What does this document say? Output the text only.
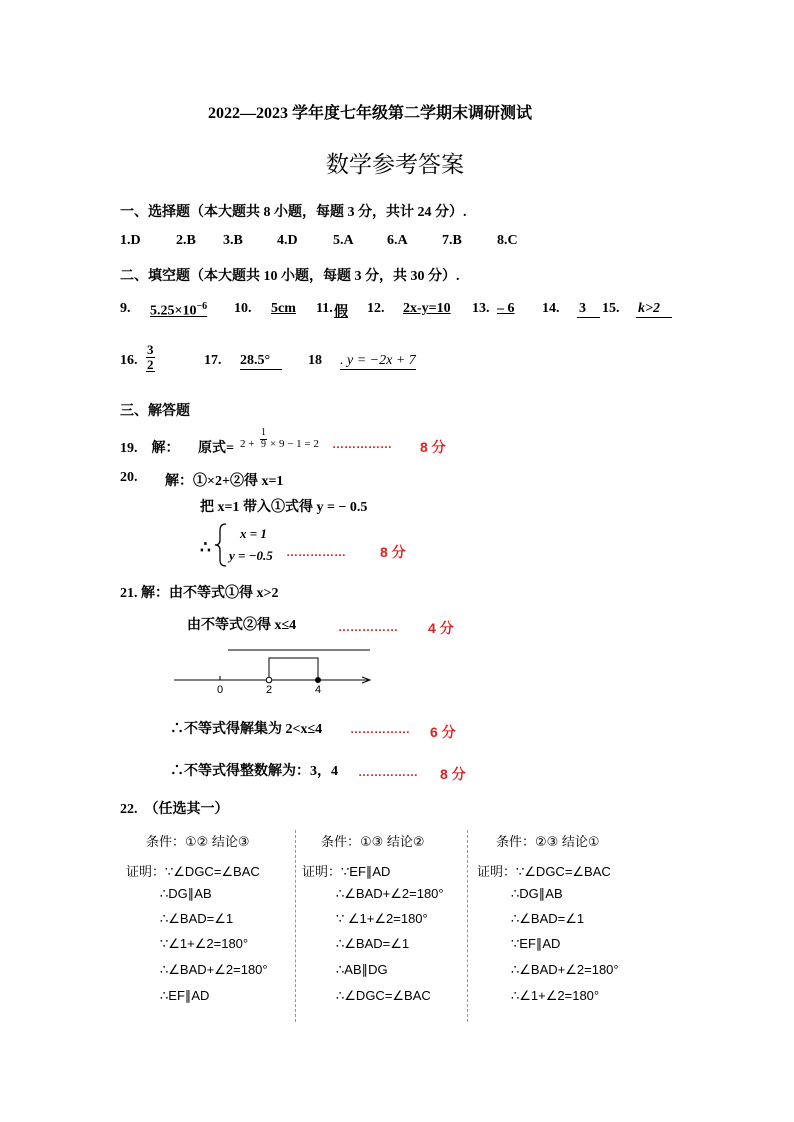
2022—2023 学年度七年级第二学期末调研测试
数学参考答案
一、选择题（本大题共 8 小题，每题 3 分，共计 24 分）.
1.D	2.B 3.B 4.D	5.A 6.A 7.B	8.C
二、填空题（本大题共 10 小题，每题 3 分，共 30 分）.
9. $5.25\times 10^{-6}$ 10. 5cm 11. 假 12. 2x-y=10 13. – 6 14. 3	15. k>2
16. $\frac{3}{2}$	17. 28.5°	18 . y = −2x + 7
三、解答题
19.　解： 原式= $2 + \frac{1}{9} \times 9 - 1 = 2$ …………… 8 分
20. 解：①×2+②得 x=1
把 x=1 带入①式得 y = − 0.5
∴
x = 1
y = −0.5 …………… 8 分
21. 解：由不等式①得 x>2
由不等式②得 x≤4	…………… 4 分
0	2	4
∴不等式得解集为 2<x≤4 …………… 6 分
∴不等式得整数解为：3，4 …………… 8 分
22.　（任选其一）
条件：①② 结论③
证明：∵∠DGC=∠BAC
∴DG∥AB
∴∠BAD=∠1
∵∠1+∠2=180°
∴∠BAD+∠2=180°
∴EF∥AD
条件：①③ 结论②
证明：∵EF∥AD
∴∠BAD+∠2=180°
∵ ∠1+∠2=180°
∴∠BAD=∠1
∴AB∥DG
∴∠DGC=∠BAC
条件：②③ 结论①
证明：∵∠DGC=∠BAC
∴DG∥AB
∴∠BAD=∠1
∵EF∥AD
∴∠BAD+∠2=180°
∴∠1+∠2=180°
